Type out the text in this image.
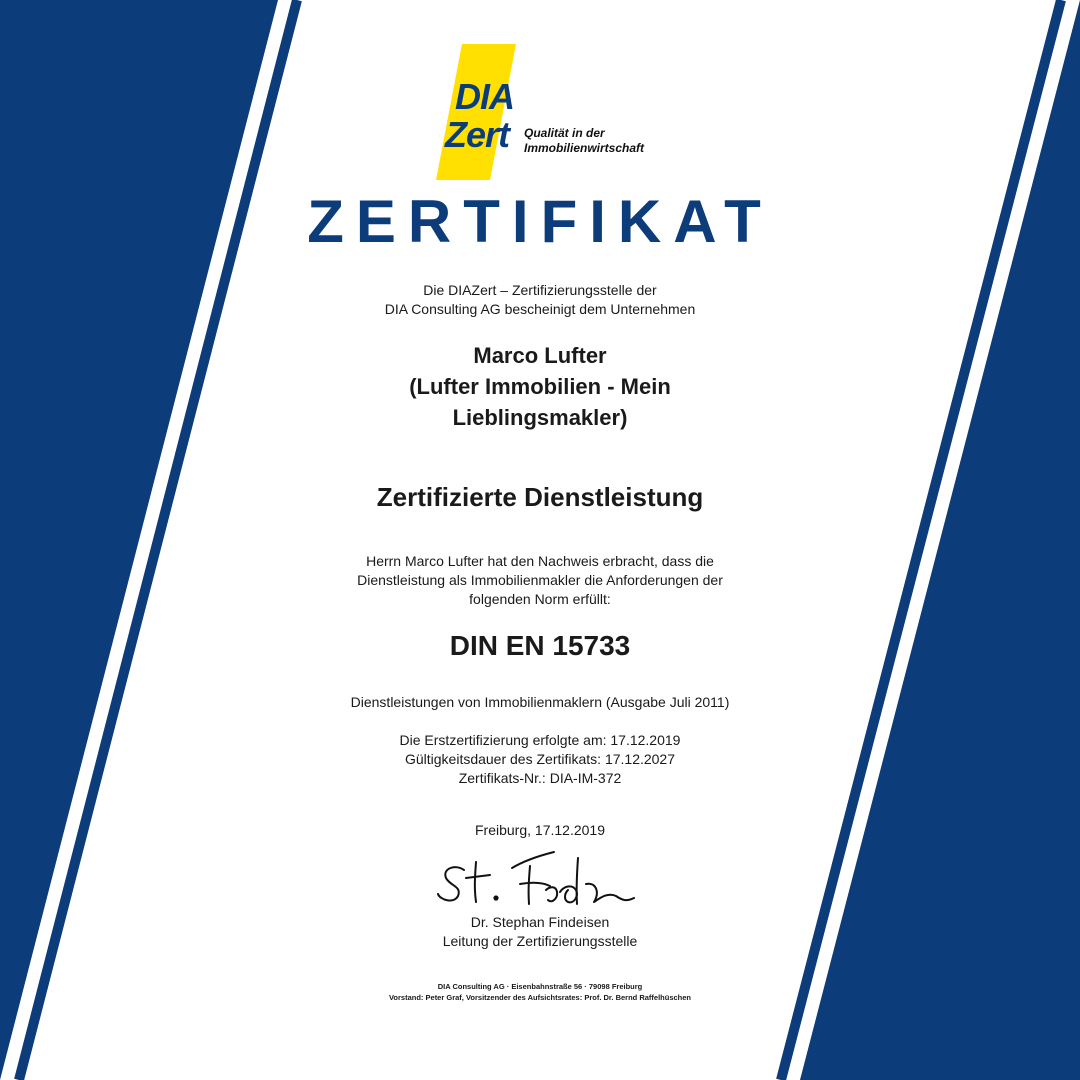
DIA
Zert	Qualität in der
Immobilienwirtschaft
ZERTIFIKAT
Die DIAZert – Zertifizierungsstelle der
DIA Consulting AG bescheinigt dem Unternehmen
Marco Lufter
(Lufter Immobilien - Mein
Lieblingsmakler)
Zertifizierte Dienstleistung
Herrn Marco Lufter hat den Nachweis erbracht, dass die
Dienstleistung als Immobilienmakler die Anforderungen der
folgenden Norm erfüllt:
DIN EN 15733
Dienstleistungen von Immobilienmaklern (Ausgabe Juli 2011)
Die Erstzertifizierung erfolgte am: 17.12.2019
Gültigkeitsdauer des Zertifikats: 17.12.2027
Zertifikats-Nr.: DIA-IM-372
Freiburg, 17.12.2019
Dr. Stephan Findeisen
Leitung der Zertifizierungsstelle
DIA Consulting AG · Eisenbahnstraße 56 · 79098 Freiburg
Vorstand: Peter Graf, Vorsitzender des Aufsichtsrates: Prof. Dr. Bernd Raffelhüschen
